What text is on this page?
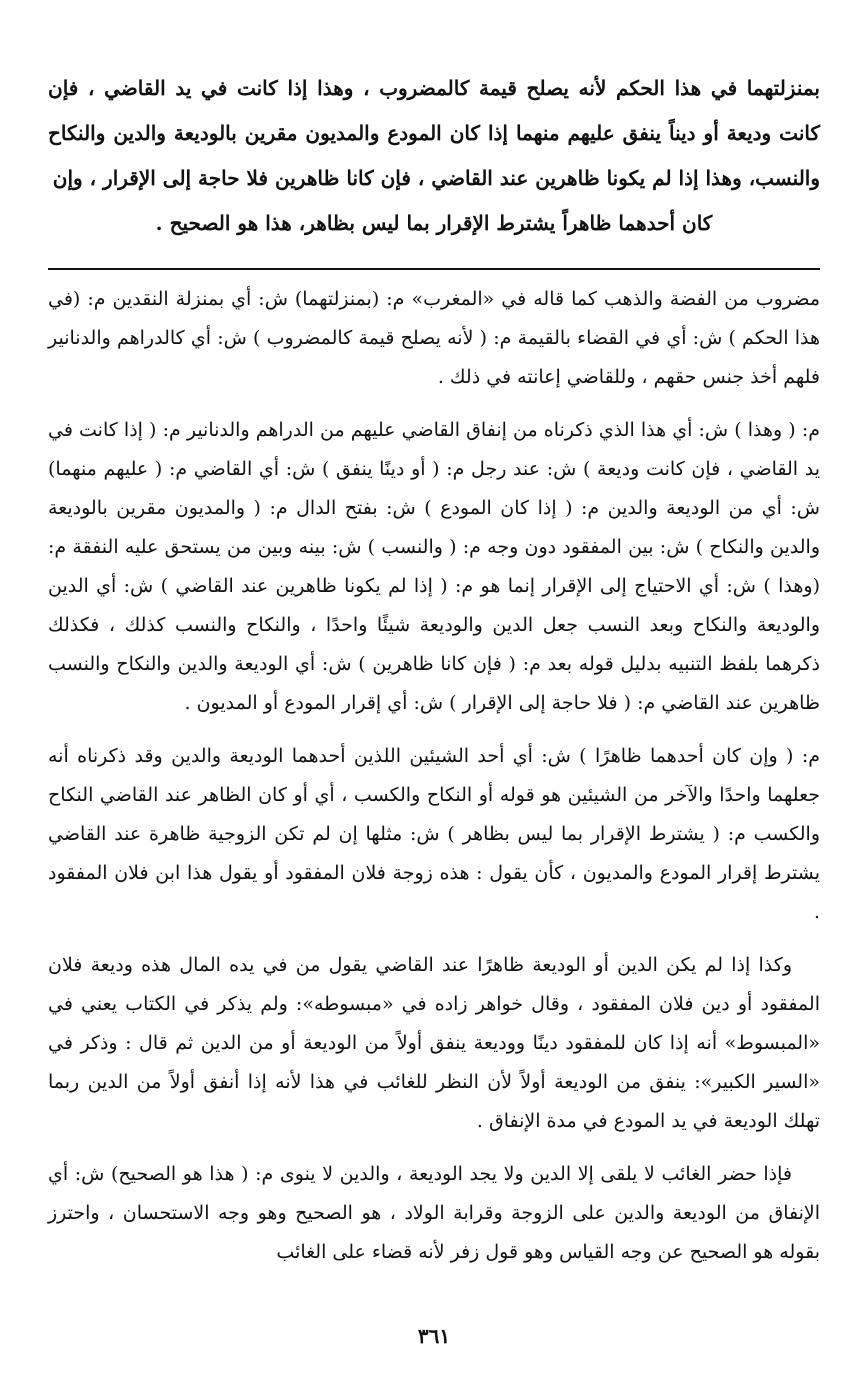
بمنزلتهما في هذا الحكم لأنه يصلح قيمة كالمضروب ، وهذا إذا كانت في يد القاضي ، فإن كانت وديعة أو ديناً ينفق عليهم منهما إذا كان المودع والمديون مقرين بالوديعة والدين والنكاح والنسب، وهذا إذا لم يكونا ظاهرين عند القاضي ، فإن كانا ظاهرين فلا حاجة إلى الإقرار ، وإن

كان أحدهما ظاهراً يشترط الإقرار بما ليس بظاهر، هذا هو الصحيح .

مضروب من الفضة والذهب كما قاله في «المغرب» م: (بمنزلتهما) ش: أي بمنزلة النقدين م: (في هذا الحكم ) ش: أي في القضاء بالقيمة م: ( لأنه يصلح قيمة كالمضروب ) ش: أي كالدراهم والدنانير فلهم أخذ جنس حقهم ، وللقاضي إعانته في ذلك .

م: ( وهذا ) ش: أي هذا الذي ذكرناه من إنفاق القاضي عليهم من الدراهم والدنانير م: ( إذا كانت في يد القاضي ، فإن كانت وديعة ) ش: عند رجل م: ( أو دينًا ينفق ) ش: أي القاضي م: ( عليهم منهما) ش: أي من الوديعة والدين م: ( إذا كان المودع ) ش: بفتح الدال م: ( والمديون مقرين بالوديعة والدين والنكاح ) ش: بين المفقود دون وجه م: ( والنسب ) ش: بينه وبين من يستحق عليه النفقة م: (وهذا ) ش: أي الاحتياج إلى الإقرار إنما هو م: ( إذا لم يكونا ظاهرين عند القاضي ) ش: أي الدين والوديعة والنكاح وبعد النسب جعل الدين والوديعة شيئًا واحدًا ، والنكاح والنسب كذلك ، فكذلك ذكرهما بلفظ التنبيه بدليل قوله بعد م: ( فإن كانا ظاهرين ) ش: أي الوديعة والدين والنكاح والنسب ظاهرين عند القاضي م: ( فلا حاجة إلى الإقرار ) ش: أي إقرار المودع أو المديون .

م: ( وإن كان أحدهما ظاهرًا ) ش: أي أحد الشيئين اللذين أحدهما الوديعة والدين وقد ذكرناه أنه جعلهما واحدًا والآخر من الشيئين هو قوله أو النكاح والكسب ، أي أو كان الظاهر عند القاضي النكاح والكسب م: ( يشترط الإقرار بما ليس بظاهر ) ش: مثلها إن لم تكن الزوجية ظاهرة عند القاضي يشترط إقرار المودع والمديون ، كأن يقول : هذه زوجة فلان المفقود أو يقول هذا ابن فلان المفقود .

وكذا إذا لم يكن الدين أو الوديعة ظاهرًا عند القاضي يقول من في يده المال هذه وديعة فلان المفقود أو دين فلان المفقود ، وقال خواهر زاده في «مبسوطه»: ولم يذكر في الكتاب يعني في «المبسوط» أنه إذا كان للمفقود دينًا ووديعة ينفق أولاً من الوديعة أو من الدين ثم قال : وذكر في «السير الكبير»: ينفق من الوديعة أولاً لأن النظر للغائب في هذا لأنه إذا أنفق أولاً من الدين ربما تهلك الوديعة في يد المودع في مدة الإنفاق .

فإذا حضر الغائب لا يلقى إلا الدين ولا يجد الوديعة ، والدين لا ينوى م: ( هذا هو الصحيح) ش: أي الإنفاق من الوديعة والدين على الزوجة وقرابة الولاد ، هو الصحيح وهو وجه الاستحسان ، واحترز بقوله هو الصحيح عن وجه القياس وهو قول زفر لأنه قضاء على الغائب

٣٦١
